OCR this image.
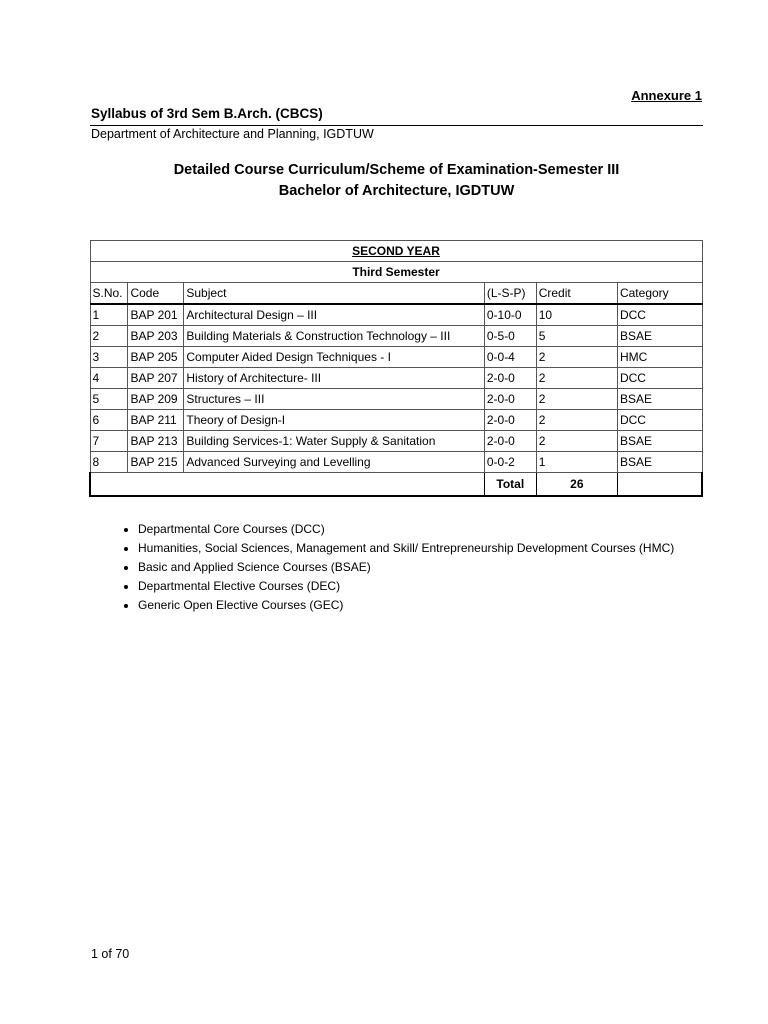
Annexure 1
Syllabus of 3rd Sem B.Arch. (CBCS)
Department of Architecture and Planning, IGDTUW
Detailed Course Curriculum/Scheme of Examination-Semester III
Bachelor of Architecture, IGDTUW
SECOND YEAR					
Third Semester					
S.No.	Code	Subject	(L-S-P)	Credit	Category
1	BAP 201	Architectural Design – III	0-10-0	10	DCC
2	BAP 203	Building Materials & Construction Technology – III	0-5-0	5	BSAE
3	BAP 205	Computer Aided Design Techniques - I	0-0-4	2	HMC
4	BAP 207	History of Architecture- III	2-0-0	2	DCC
5	BAP 209	Structures – III	2-0-0	2	BSAE
6	BAP 211	Theory of Design-I	2-0-0	2	DCC
7	BAP 213	Building Services-1: Water Supply & Sanitation	2-0-0	2	BSAE
8	BAP 215	Advanced Surveying and Levelling	0-0-2	1	BSAE
			Total	26	
• Departmental Core Courses (DCC)
• Humanities, Social Sciences, Management and Skill/ Entrepreneurship Development Courses (HMC)
• Basic and Applied Science Courses (BSAE)
• Departmental Elective Courses (DEC)
• Generic Open Elective Courses (GEC)
1 of 70
